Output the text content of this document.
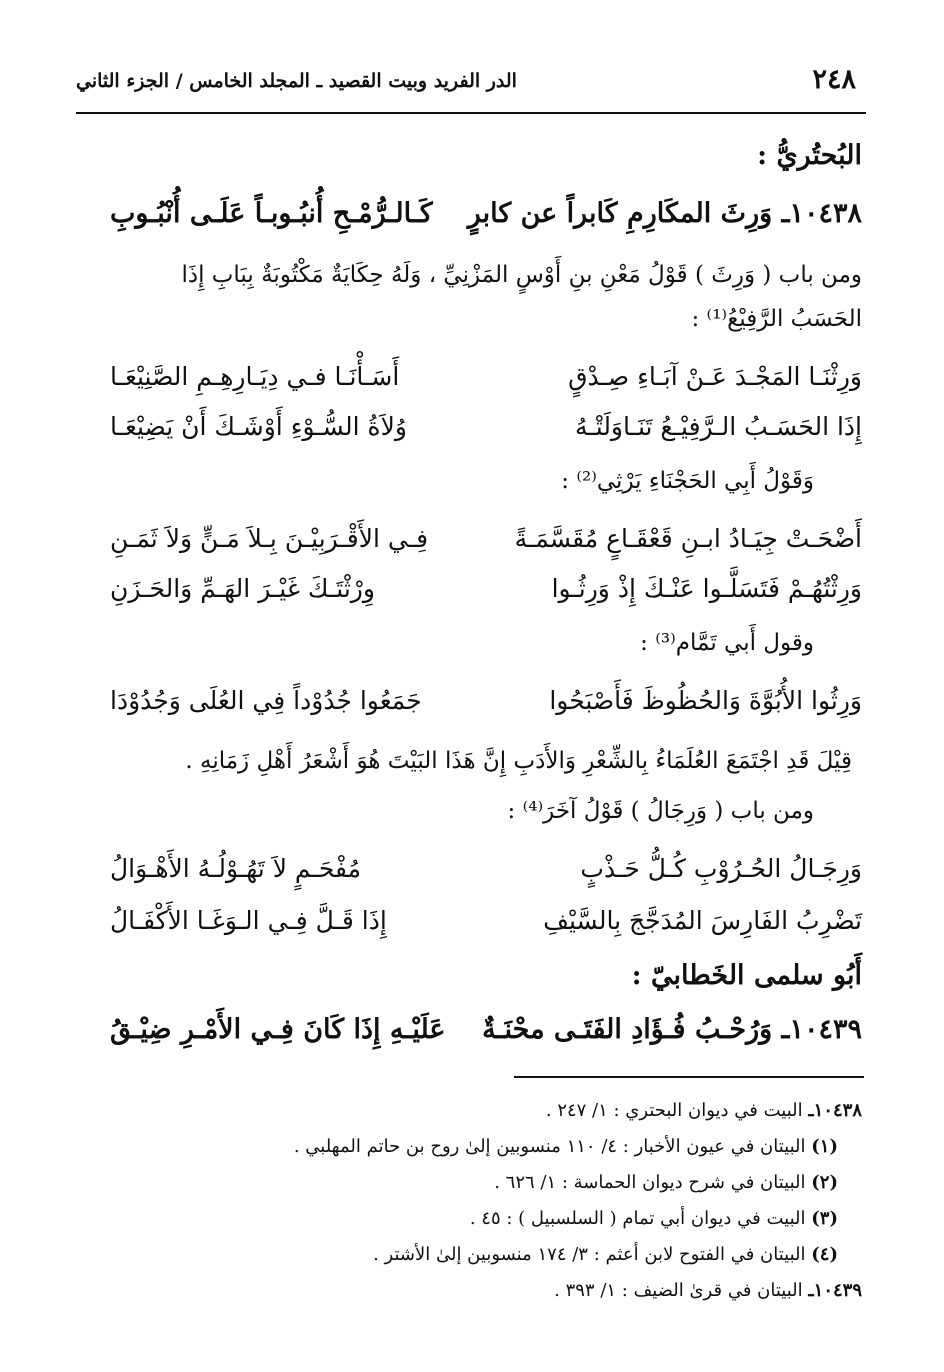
٢٤٨
الدر الفريد وبيت القصيد ـ المجلد الخامس / الجزء الثاني
البُحتُريُّ :
١٠٤٣٨ـ وَرِثَ المكَارِمِ كَابراً عن كابرٍ
كَـالـرُّمْـحِ أُنبُـوبـاً عَلَـى أُنْبُـوبِ
ومن باب ( وَرِثَ ) قَوْلُ مَعْنِ بنِ أَوْسٍ المَزْنِيِّ ، وَلَهُ حِكَايَةٌ مَكْتُوبَةٌ بِبَابِ إِذَا
الحَسَبُ الرَّفِيْعُ⁽¹⁾ :
وَرِثْنَـا المَجْـدَ عَـنْ آبَـاءِ صِـدْقٍ
أَسَـأْنَـا فـي دِيَـارِهِـمِ الصَّنِيْعَـا
إِذَا الحَسَـبُ الـرَّفِيْـعُ تَنَـاوَلَتْـهُ
وُلاَةُ السُّـوْءِ أَوْشَـكَ أَنْ يَضِيْعَـا
وَقَوْلُ أَبِي الحَجْنَاءِ يَرْثِي⁽²⁾ :
أَضْحَـتْ جِيَـادُ ابـنِ قَعْقَـاعٍ مُقَسَّمَـةً
فِـي الأَقْـرَبِيْـنَ بِـلاَ مَـنٍّ وَلاَ ثَمَـنِ
وَرِثْتُهُـمْ فَتَسَلَّـوا عَنْـكَ إِذْ وَرِثُـوا
وِرْثْتَـكَ غَيْـرَ الهَـمِّ وَالحَـزَنِ
وقول أَبي تَمَّام⁽³⁾ :
وَرِثُوا الأُبُوَّةَ وَالحُظُوظَ فَأَصْبَحُوا
جَمَعُوا جُدُوْداً فِي العُلَى وَجُدُوْدَا
قِيْلَ قَدِ اجْتَمَعَ العُلَمَاءُ بِالشِّعْرِ وَالأَدَبِ إِنَّ هَذَا البَيْتَ هُوَ أَشْعَرُ أَهْلِ زَمَانِهِ .
ومن باب ( وَرِجَالُ ) قَوْلُ آخَرَ⁽⁴⁾ :
وَرِجَـالُ الحُـرُوْبِ كُـلُّ حَـذْبٍ
مُفْحَـمٍ لاَ تَهُـوْلُـهُ الأَهْـوَالُ
تَضْرِبُ الفَارِسَ المُدَجَّجَ بِالسَّيْفِ
إِذَا قَـلَّ فِـي الـوَغَـا الأَكْفَـالُ
أَبُو سلمى الخَطابيّ :
١٠٤٣٩ـ وَرُحْـبُ فُـؤَادِ الفَتَـى محْنَـةٌ
عَلَيْـهِ إِذَا كَانَ فِـي الأَمْـرِ ضِيْـقُ
١٠٤٣٨ـ البيت في ديوان البحتري : ١/ ٢٤٧ .
(١) البيتان في عيون الأخبار : ٤/ ١١٠ منسوبين إلىٰ روح بن حاتم المهلبي .
(٢) البيتان في شرح ديوان الحماسة : ١/ ٦٢٦ .
(٣) البيت في ديوان أبي تمام ( السلسبيل ) : ٤٥ .
(٤) البيتان في الفتوح لابن أعثم : ٣/ ١٧٤ منسوبين إلىٰ الأشتر .
١٠٤٣٩ـ البيتان في قرىٰ الضيف : ١/ ٣٩٣ .
